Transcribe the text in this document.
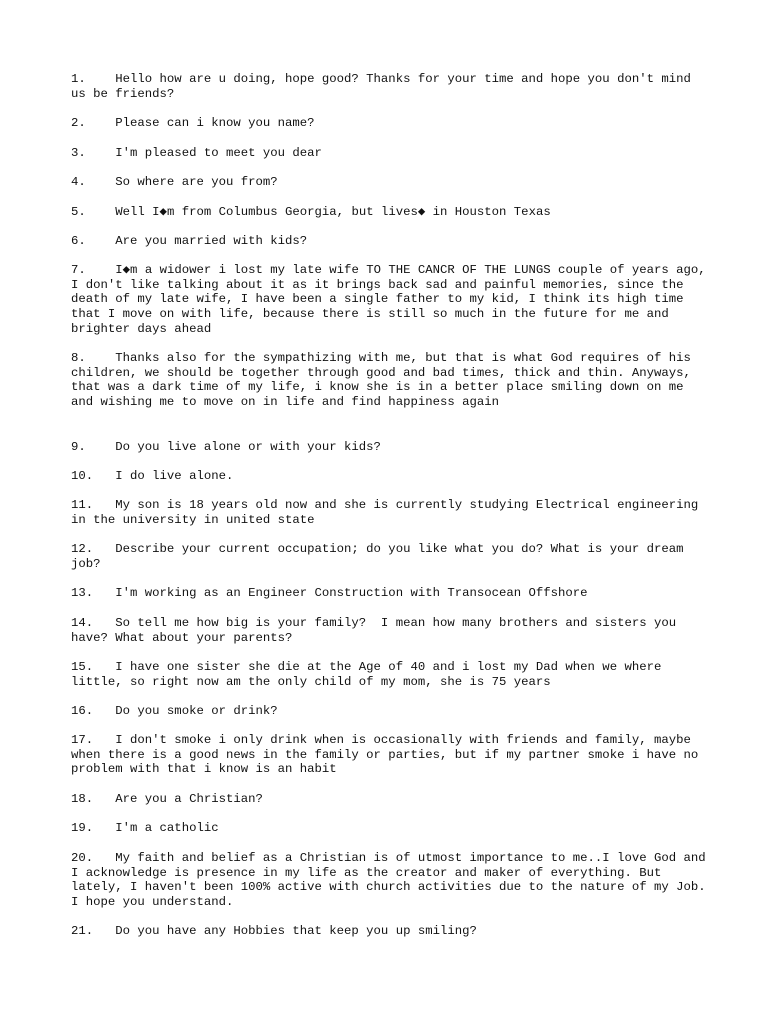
1.    Hello how are u doing, hope good? Thanks for your time and hope you don't mind us be friends?

2.    Please can i know you name?

3.    I'm pleased to meet you dear

4.    So where are you from?

5.    Well I◆m from Columbus Georgia, but lives◆ in Houston Texas

6.    Are you married with kids?

7.    I◆m a widower i lost my late wife TO THE CANCR OF THE LUNGS couple of years ago, I don't like talking about it as it brings back sad and painful memories, since the death of my late wife, I have been a single father to my kid, I think its high time that I move on with life, because there is still so much in the future for me and brighter days ahead

8.    Thanks also for the sympathizing with me, but that is what God requires of his children, we should be together through good and bad times, thick and thin. Anyways, that was a dark time of my life, i know she is in a better place smiling down on me and wishing me to move on in life and find happiness again

9.    Do you live alone or with your kids?

10.   I do live alone.

11.   My son is 18 years old now and she is currently studying Electrical engineering in the university in united state

12.   Describe your current occupation; do you like what you do? What is your dream job?

13.   I'm working as an Engineer Construction with Transocean Offshore

14.   So tell me how big is your family?  I mean how many brothers and sisters you have? What about your parents?

15.   I have one sister she die at the Age of 40 and i lost my Dad when we where little, so right now am the only child of my mom, she is 75 years

16.   Do you smoke or drink?

17.   I don't smoke i only drink when is occasionally with friends and family, maybe when there is a good news in the family or parties, but if my partner smoke i have no problem with that i know is an habit

18.   Are you a Christian?

19.   I'm a catholic

20.   My faith and belief as a Christian is of utmost importance to me..I love God and I acknowledge is presence in my life as the creator and maker of everything. But lately, I haven't been 100% active with church activities due to the nature of my Job. I hope you understand.

21.   Do you have any Hobbies that keep you up smiling?
